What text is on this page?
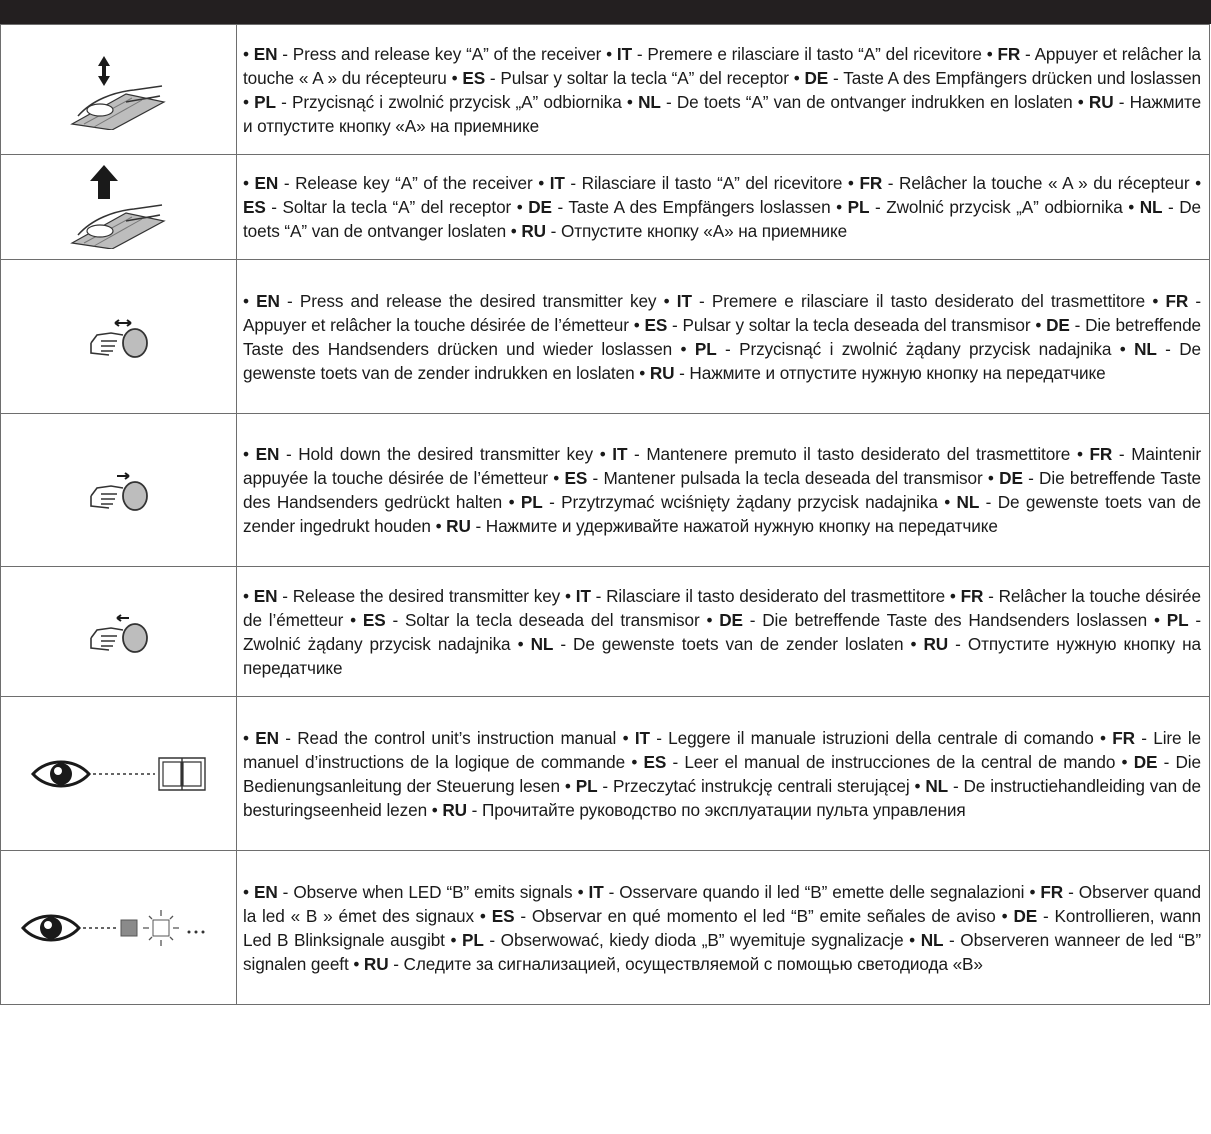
	• EN - Press and release key “A” of the receiver • IT - Premere e rilasciare il tasto “A” del ricevitore • FR - Appuyer et relâcher la touche « A » du récepteuru • ES - Pulsar y soltar la tecla “A” del receptor • DE - Taste A des Empfängers drücken und loslassen • PL - Przycisnąć i zwolnić przycisk „A” odbiornika • NL - De toets “A” van de ontvanger indrukken en loslaten • RU - Нажмите и отпустите кнопку «A» на приемнике
	• EN - Release key “A” of the receiver • IT - Rilasciare il tasto “A” del ricevitore • FR - Relâcher la touche « A » du récepteur • ES - Soltar la tecla “A” del receptor • DE - Taste A des Empfängers loslassen • PL - Zwolnić przycisk „A” odbiornika • NL - De toets “A” van de ontvanger loslaten • RU - Отпустите кнопку «A» на приемнике
	• EN - Press and release the desired transmitter key • IT - Premere e rilasciare il tasto desiderato del trasmettitore • FR - Appuyer et relâcher la touche désirée de l’émetteur • ES - Pulsar y soltar la tecla deseada del transmisor • DE - Die betreffende Taste des Handsenders drücken und wieder loslassen • PL - Przycisnąć i zwolnić żądany przycisk nadajnika • NL - De gewenste toets van de zender indrukken en loslaten • RU - Нажмите и отпустите нужную кнопку на передатчике
	• EN - Hold down the desired transmitter key • IT - Mantenere premuto il tasto desiderato del trasmettitore • FR - Maintenir appuyée la touche désirée de l’émetteur • ES - Mantener pulsada la tecla deseada del transmisor • DE - Die betreffende Taste des Handsenders gedrückt halten • PL - Przytrzymać wciśnięty żądany przycisk nadajnika • NL - De gewenste toets van de zender ingedrukt houden • RU - Нажмите и удерживайте нажатой нужную кнопку на передатчике
	• EN - Release the desired transmitter key • IT - Rilasciare il tasto desiderato del trasmettitore • FR - Relâcher la touche désirée de l’émetteur • ES - Soltar la tecla deseada del transmisor • DE - Die betreffende Taste des Handsenders loslassen • PL - Zwolnić żądany przycisk nadajnika • NL - De gewenste toets van de zender loslaten • RU - Отпустите нужную кнопку на передатчике
	• EN - Read the control unit’s instruction manual • IT - Leggere il manuale istruzioni della centrale di comando • FR - Lire le manuel d’instructions de la logique de commande • ES - Leer el manual de instrucciones de la central de mando • DE - Die Bedienungsanleitung der Steuerung lesen • PL - Przeczytać instrukcję centrali sterującej • NL - De instructiehandleiding van de besturingseenheid lezen • RU - Прочитайте руководство по эксплуатации пульта управления
	• EN - Observe when LED “B” emits signals • IT - Osservare quando il led “B” emette delle segnalazioni • FR - Observer quand la led « B » émet des signaux • ES - Observar en qué momento el led “B” emite señales de aviso • DE - Kontrollieren, wann Led B Blinksignale ausgibt • PL - Obserwować, kiedy dioda „B” wyemituje sygnalizacje • NL - Observeren wanneer de led “B” signalen geeft • RU - Следите за сигнализацией, осуществляемой с помощью светодиода «B»
